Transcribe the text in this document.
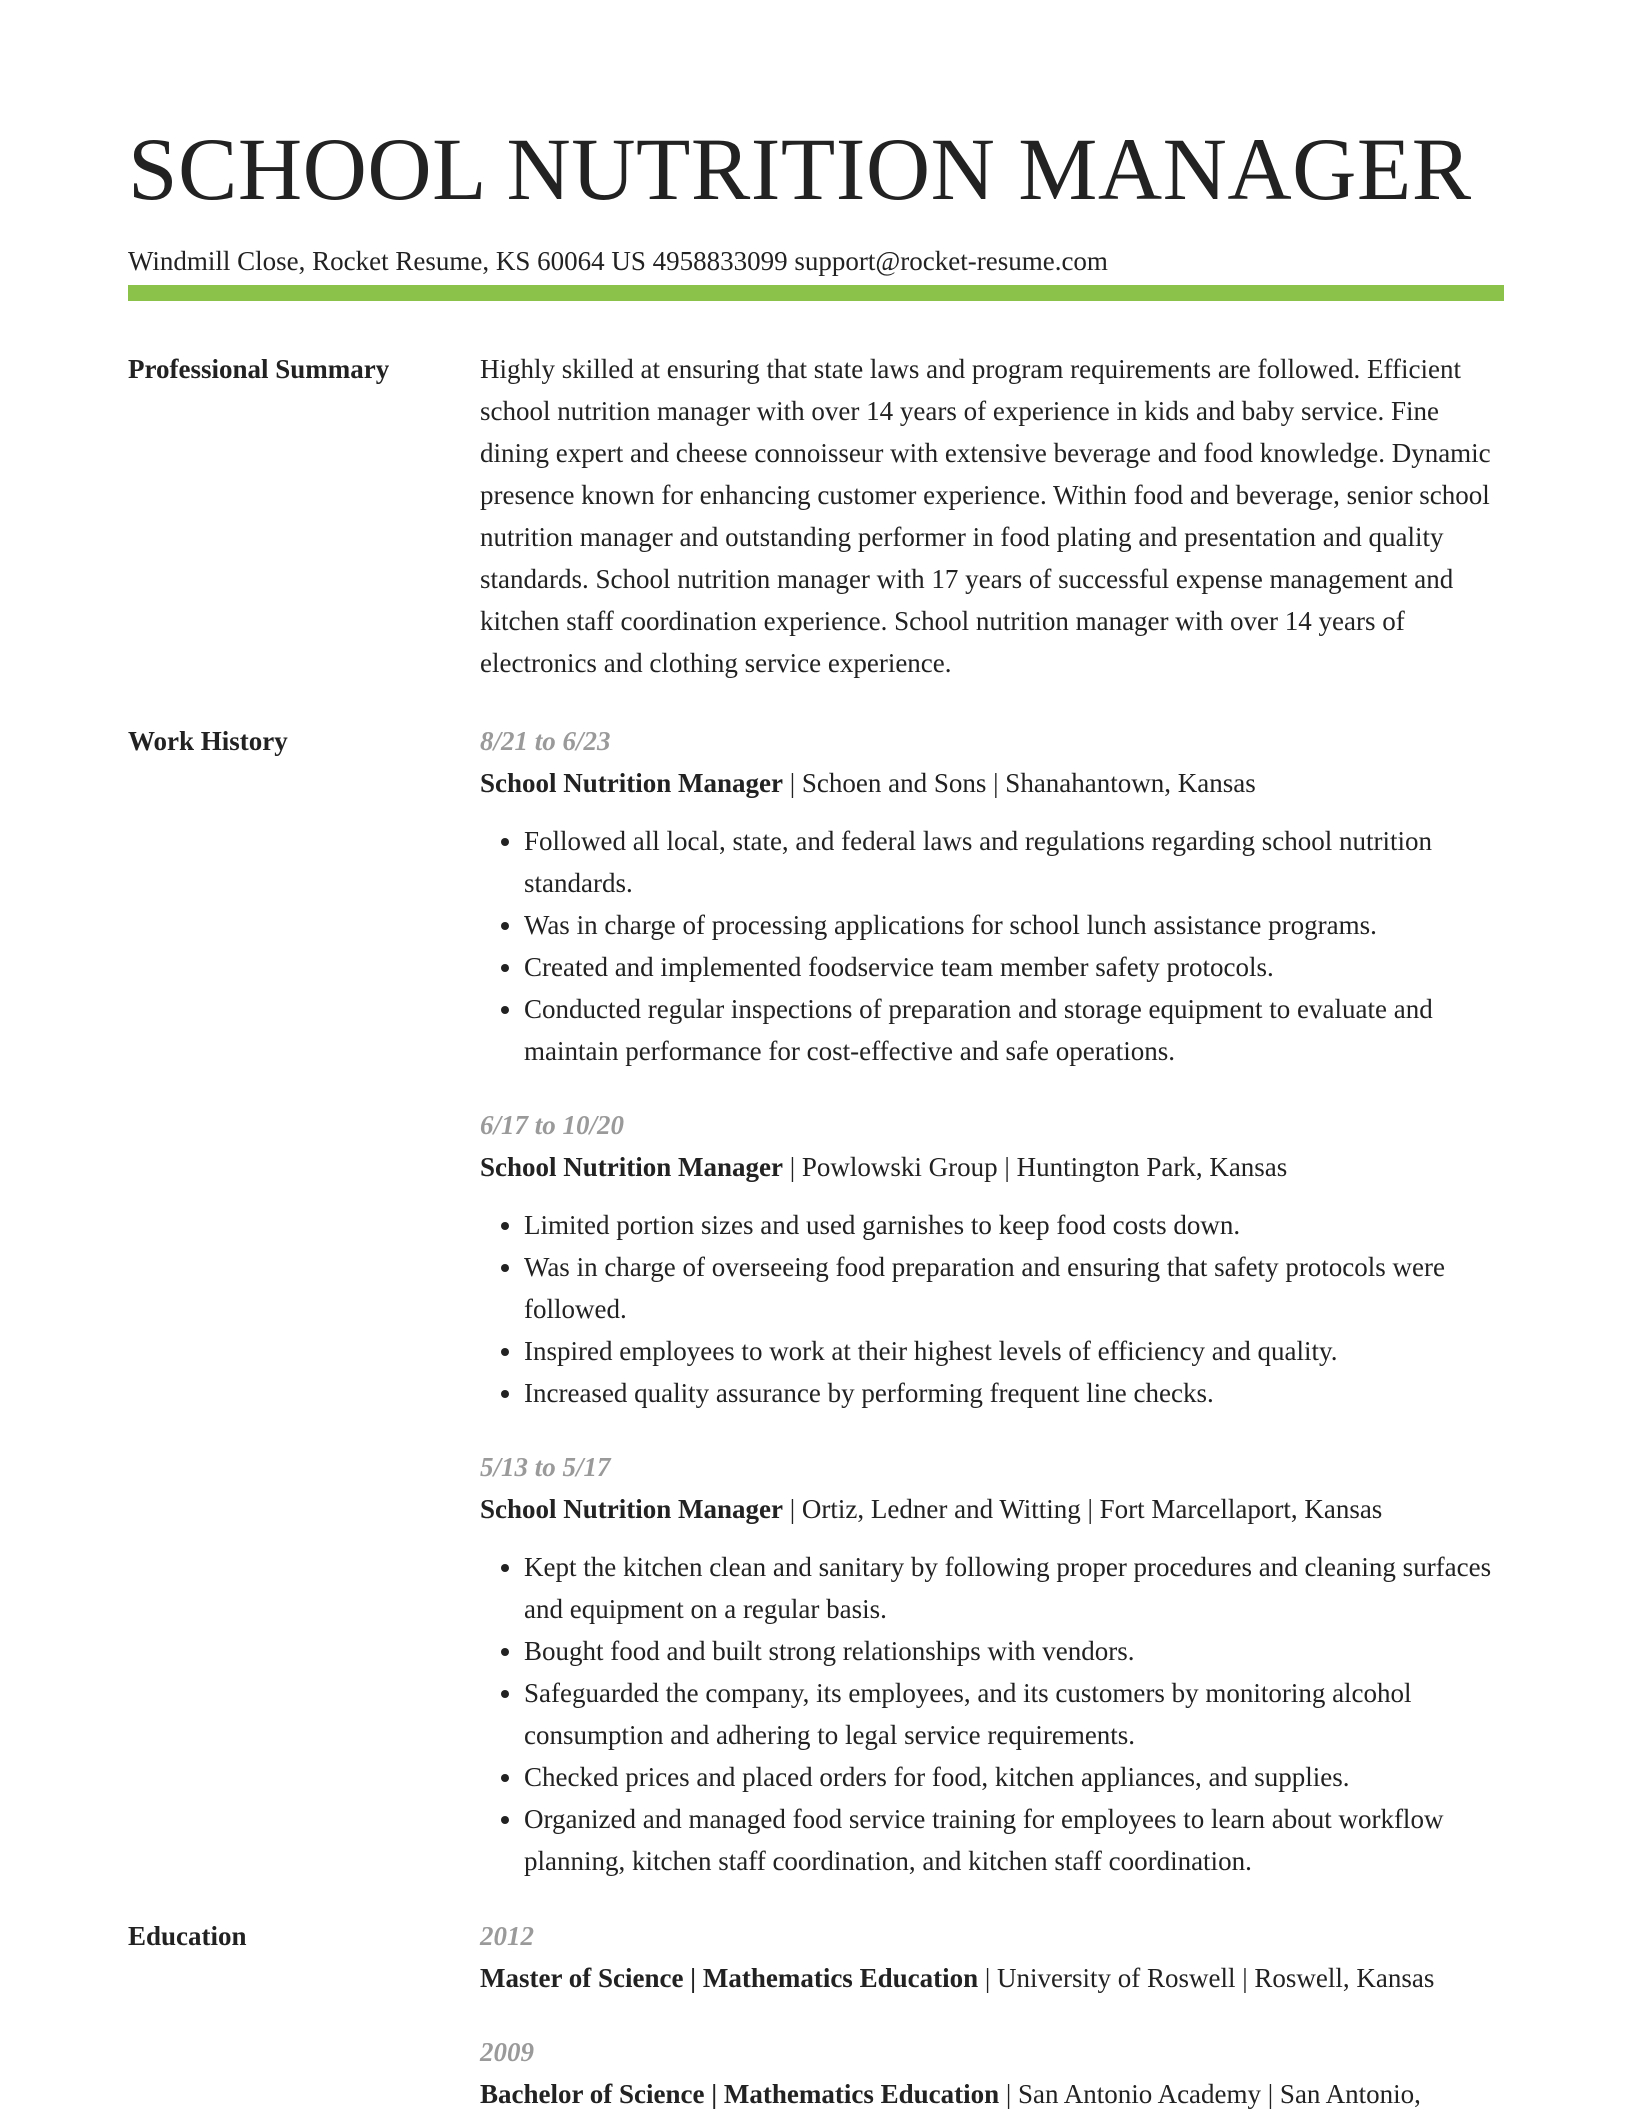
SCHOOL NUTRITION MANAGER
Windmill Close, Rocket Resume, KS 60064 US 4958833099 support@rocket-resume.com
Professional Summary	Highly skilled at ensuring that state laws and program requirements are followed. Efficient school nutrition manager with over 14 years of experience in kids and baby service. Fine dining expert and cheese connoisseur with extensive beverage and food knowledge. Dynamic presence known for enhancing customer experience. Within food and beverage, senior school nutrition manager and outstanding performer in food plating and presentation and quality standards. School nutrition manager with 17 years of successful expense management and kitchen staff coordination experience. School nutrition manager with over 14 years of electronics and clothing service experience.

Work History	8/21 to 6/23
School Nutrition Manager | Schoen and Sons | Shanahantown, Kansas
• Followed all local, state, and federal laws and regulations regarding school nutrition standards.
• Was in charge of processing applications for school lunch assistance programs.
• Created and implemented foodservice team member safety protocols.
• Conducted regular inspections of preparation and storage equipment to evaluate and maintain performance for cost-effective and safe operations.
6/17 to 10/20
School Nutrition Manager | Powlowski Group | Huntington Park, Kansas
• Limited portion sizes and used garnishes to keep food costs down.
• Was in charge of overseeing food preparation and ensuring that safety protocols were followed.
• Inspired employees to work at their highest levels of efficiency and quality.
• Increased quality assurance by performing frequent line checks.
5/13 to 5/17
School Nutrition Manager | Ortiz, Ledner and Witting | Fort Marcellaport, Kansas
• Kept the kitchen clean and sanitary by following proper procedures and cleaning surfaces and equipment on a regular basis.
• Bought food and built strong relationships with vendors.
• Safeguarded the company, its employees, and its customers by monitoring alcohol consumption and adhering to legal service requirements.
• Checked prices and placed orders for food, kitchen appliances, and supplies.
• Organized and managed food service training for employees to learn about workflow planning, kitchen staff coordination, and kitchen staff coordination.
Education	2012
Master of Science | Mathematics Education | University of Roswell | Roswell, Kansas
2009
Bachelor of Science | Mathematics Education | San Antonio Academy | San Antonio,
